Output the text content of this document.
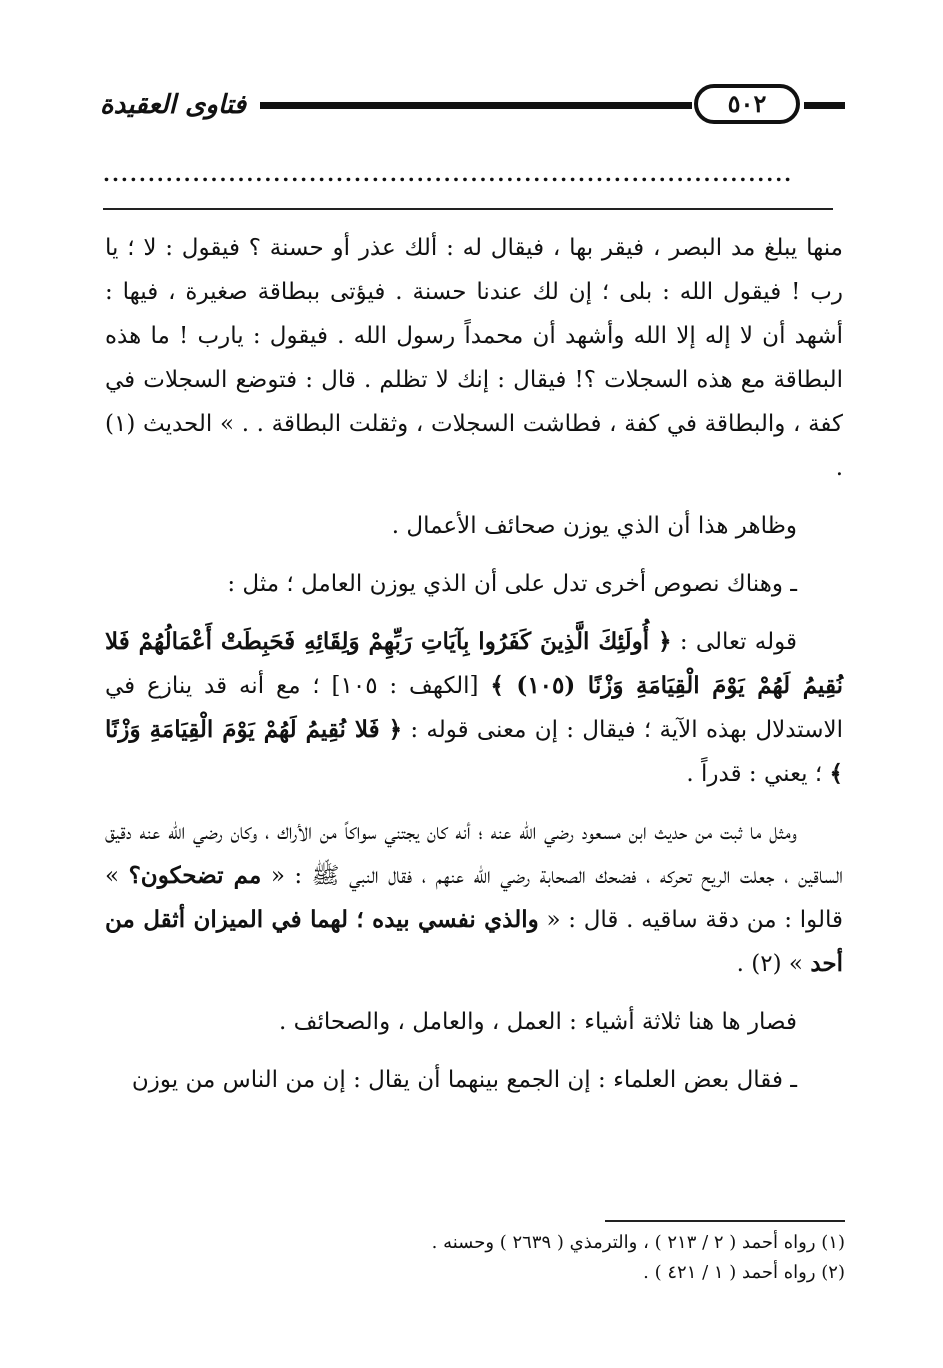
فتاوى العقيدة	٥٠٢
.............................................................................

منها يبلغ مد البصر ، فيقر بها ، فيقال له : ألك عذر أو حسنة ؟ فيقول : لا ؛ يا رب ! فيقول الله : بلى ؛ إن لك عندنا حسنة . فيؤتى ببطاقة صغيرة ، فيها : أشهد أن لا إله إلا الله وأشهد أن محمداً رسول الله . فيقول : يارب ! ما هذه البطاقة مع هذه السجلات ؟! فيقال : إنك لا تظلم . قال : فتوضع السجلات في كفة ، والبطاقة في كفة ، فطاشت السجلات ، وثقلت البطاقة . . » الحديث (١) .

وظاهر هذا أن الذي يوزن صحائف الأعمال .

ـ وهناك نصوص أخرى تدل على أن الذي يوزن العامل ؛ مثل :

قوله تعالى : ﴿ أُولَئِكَ الَّذِينَ كَفَرُوا بِآيَاتِ رَبِّهِمْ وَلِقَائِهِ فَحَبِطَتْ أَعْمَالُهُمْ فَلا نُقِيمُ لَهُمْ يَوْمَ الْقِيَامَةِ وَزْنًا (١٠٥) ﴾ [الكهف : ١٠٥] ؛ مع أنه قد ينازع في الاستدلال بهذه الآية ؛ فيقال : إن معنى قوله : ﴿ فَلا نُقِيمُ لَهُمْ يَوْمَ الْقِيَامَةِ وَزْنًا ﴾ ؛ يعني : قدراً .

ومثل ما ثبت من حديث ابن مسعود رضي الله عنه ؛ أنه كان يجتني سواكاً من الأراك ، وكان رضي الله عنه دقيق الساقين ، جعلت الريح تحركه ، فضحك الصحابة رضي الله عنهم ، فقال النبي ﷺ : « مم تضحكون؟ » قالوا : من دقة ساقيه . قال : « والذي نفسي بيده ؛ لهما في الميزان أثقل من أحد » (٢) .

فصار ها هنا ثلاثة أشياء : العمل ، والعامل ، والصحائف .

ـ فقال بعض العلماء : إن الجمع بينهما أن يقال : إن من الناس من يوزن

(١) رواه أحمد ( ٢ / ٢١٣ ) ، والترمذي ( ٢٦٣٩ ) وحسنه .
(٢) رواه أحمد ( ١ / ٤٢١ ) .
